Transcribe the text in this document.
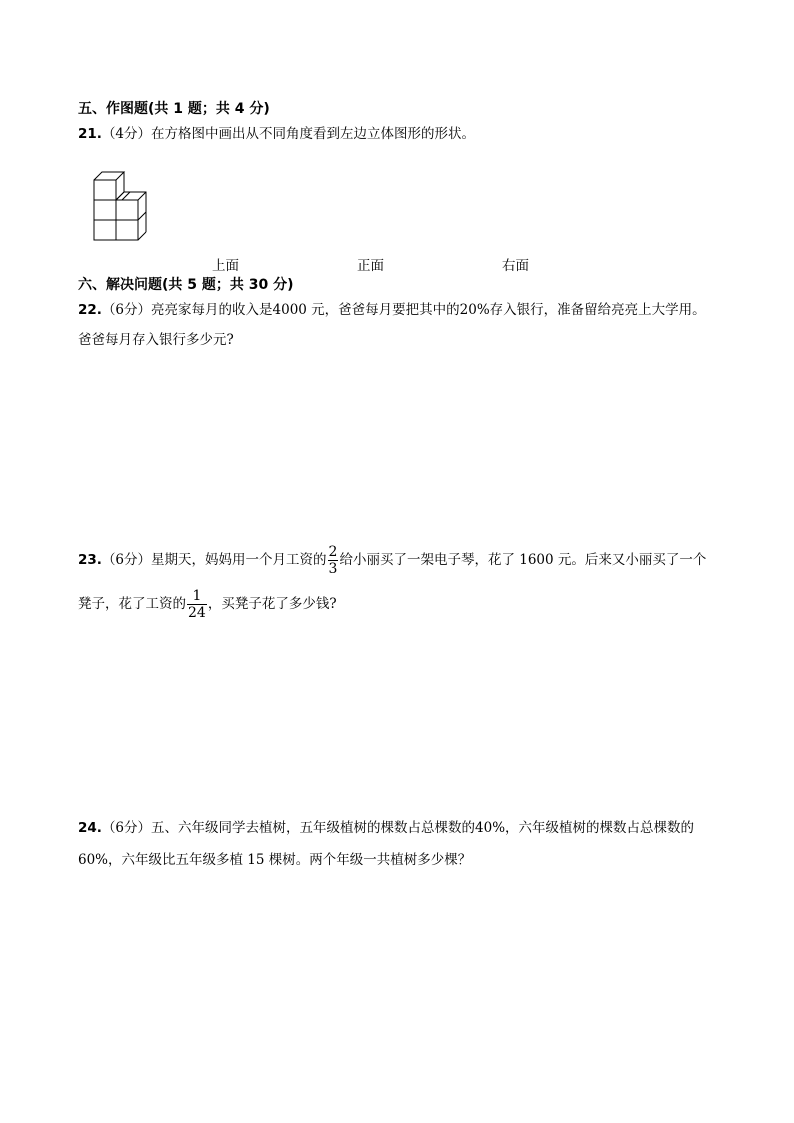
五、作图题(共 1 题；共 4 分)
21.（4分）在方格图中画出从不同角度看到左边立体图形的形状。
上面	正面	右面
六、解决问题(共 5 题；共 30 分)
22.（6分）亮亮家每月的收入是4000 元，爸爸每月要把其中的20%存入银行，准备留给亮亮上大学用。
爸爸每月存入银行多少元?
23.（6分）星期天，妈妈用一个月工资的 $\frac{2}{3}$ 给小丽买了一架电子琴，花了 1600 元。后来又小丽买了一个
凳子，花了工资的 $\frac{1}{24}$ ，买凳子花了多少钱?
24.（6分）五、六年级同学去植树，五年级植树的棵数占总棵数的40%，六年级植树的棵数占总棵数的
60%，六年级比五年级多植 15 棵树。两个年级一共植树多少棵？
